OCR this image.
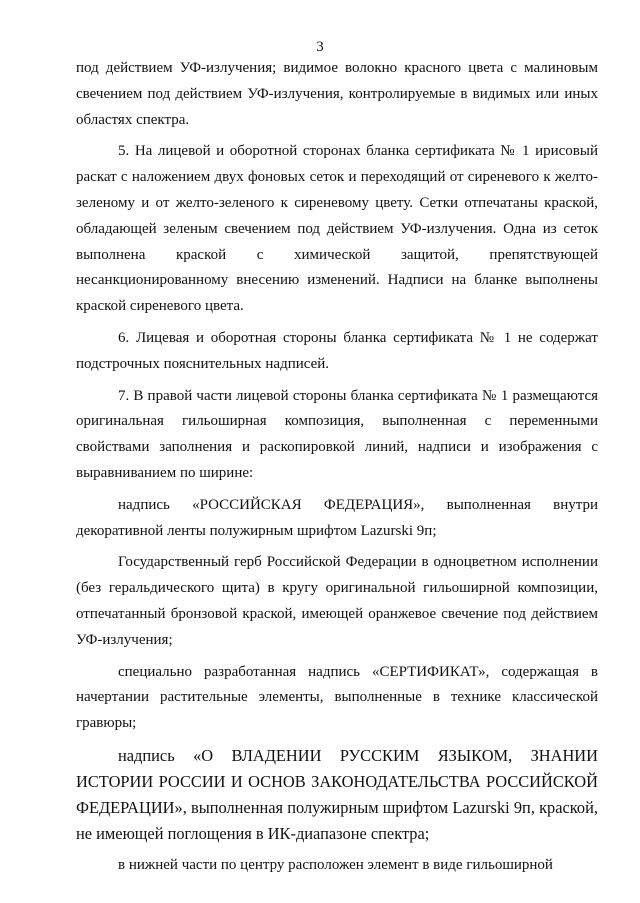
3

под действием УФ-излучения; видимое волокно красного цвета с малиновым свечением под действием УФ-излучения, контролируемые в видимых или иных областях спектра.

5. На лицевой и оборотной сторонах бланка сертификата № 1 ирисовый раскат с наложением двух фоновых сеток и переходящий от сиреневого к желто-зеленому и от желто-зеленого к сиреневому цвету. Сетки отпечатаны краской, обладающей зеленым свечением под действием УФ-излучения. Одна из сеток выполнена краской с химической защитой, препятствующей несанкционированному внесению изменений. Надписи на бланке выполнены краской сиреневого цвета.

6. Лицевая и оборотная стороны бланка сертификата № 1 не содержат подстрочных пояснительных надписей.

7. В правой части лицевой стороны бланка сертификата № 1 размещаются оригинальная гильоширная композиция, выполненная с переменными свойствами заполнения и раскопировкой линий, надписи и изображения с выравниванием по ширине:

надпись «РОССИЙСКАЯ ФЕДЕРАЦИЯ», выполненная внутри декоративной ленты полужирным шрифтом Lazurski 9п;

Государственный герб Российской Федерации в одноцветном исполнении (без геральдического щита) в кругу оригинальной гильоширной композиции, отпечатанный бронзовой краской, имеющей оранжевое свечение под действием УФ-излучения;

специально разработанная надпись «СЕРТИФИКАТ», содержащая в начертании растительные элементы, выполненные в технике классической гравюры;

надпись «О ВЛАДЕНИИ РУССКИМ ЯЗЫКОМ, ЗНАНИИ ИСТОРИИ РОССИИ И ОСНОВ ЗАКОНОДАТЕЛЬСТВА РОССИЙСКОЙ ФЕДЕРАЦИИ», выполненная полужирным шрифтом Lazurski 9п, краской, не имеющей поглощения в ИК-диапазоне спектра;

в нижней части по центру расположен элемент в виде гильоширной
